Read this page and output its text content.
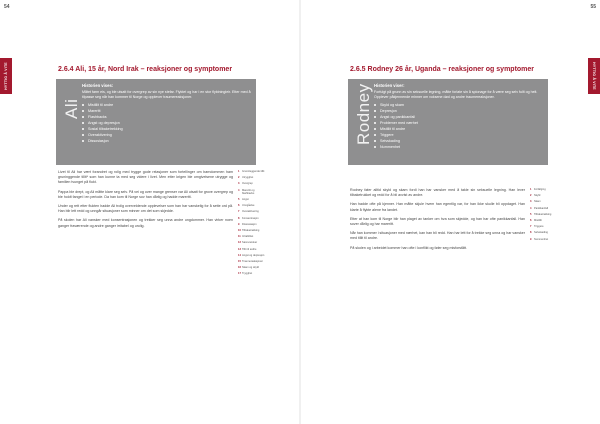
54
HYTTIG Å VITE	2.6.4 Ali, 15 år, Nord Irak – reaksjoner og symptomer
Ali
Historien vises:

Måtet farm eis, og ble utsatt for overgrep av sin nye stefar. Flyktet og har i en stor flyktningleir. Etter med å tilpasse seg når han kommer til Norge og opplever traumereaksjoner.

Mistillit til andre
Mareritt
Flashbacks
Angst og depresjon
Sosial tilbaketrekking
Overaktivering
Dissosiasjon

Livet til Ali har vært forandret og rolig med trygge gode relasjoner som fortellinger om barndommen ham gruninggende tillit* som han kunne ta med seg videre i livet. Men etter krigen ble omgivelsene utrygge og familien tvunget på flukt.

Pappa ble drept, og Ali måtte klare seg selv. På vei og over mange grenser var Ali utsatt for grove overgrep og ble holdt fanget i en periode. Da han kom til Norge sov han dårlig og hadde mareritt.

Under og rett etter flukten hadde Ali trolig overveldende opplevelser som han har vanskelig for å sette ord på. Han blir lett redd og unngår situasjoner som minner om det som skjedde.

På skolen har Ali vansker med konsentrasjonen og trekker seg unna andre ungdommer. Han virker noen ganger fraværende og andre ganger irritabel og urolig.

1 Grunnleggende tillit
2 Utrygghet
3 Overgrep
4 Mareritt og flashbacks
5 Angst
6 Unngåelse
7 Overaktivering
8 Konsentrasjon
9 Dissosiasjon
10 Tilbaketrekking
11 Irritabilitet
12 Søvnvansker
13 Tillit til andre
14 Angst og depresjon
15 Traumereaksjoner
16 Skam og skyld
17 Trygghet
55
HYTTIG Å VITE
2.6.5 Rodney 26 år, Uganda – reaksjoner og symptomer
Rodney Historien viser:

Forfulgt på grunn av sin seksuelle legning, måtte forlate sin å spionage for å være seg selv fullt og helt. Opplever påkjennende minner om voksene død og andre traumereaksjoner.

Skyld og skam
Depresjon
Angst og panikkanfall
Problemer med nærhet
Mistillit til andre
Triggere
Selvskading
Nummenhet

Rodney føler alltid skyld og skam fordi han har vansker med å takle sin seksuelle legning. Han lever tilbaketrukket og redd for å bli avvist av andre.

Han hadde ofte på kjenner. Han måtte skjule hvem han egentlig var, for han ikke skulle bli oppdaget. Han klarte å flykte alene fra landet.

Etter at han kom til Norge blir han plaget av tanker om hva som skjedde, og han har ofte panikkanfall. Han sover dårlig og har mareritt.

Når han kommer i situasjoner med nærhet, kan han bli redd. Han har lett for å trekke seg unna og har vansker med tillit til andre.

På skolen og i arbeidet kommer han ofte i konflikt og føler seg misforstått.

1 Forfølging
2 Skyld
3 Skam
4 Panikkanfall
5 Tilbaketrekking
6 Mistillit
7 Triggere
8 Selvskading
9 Nummenhet
